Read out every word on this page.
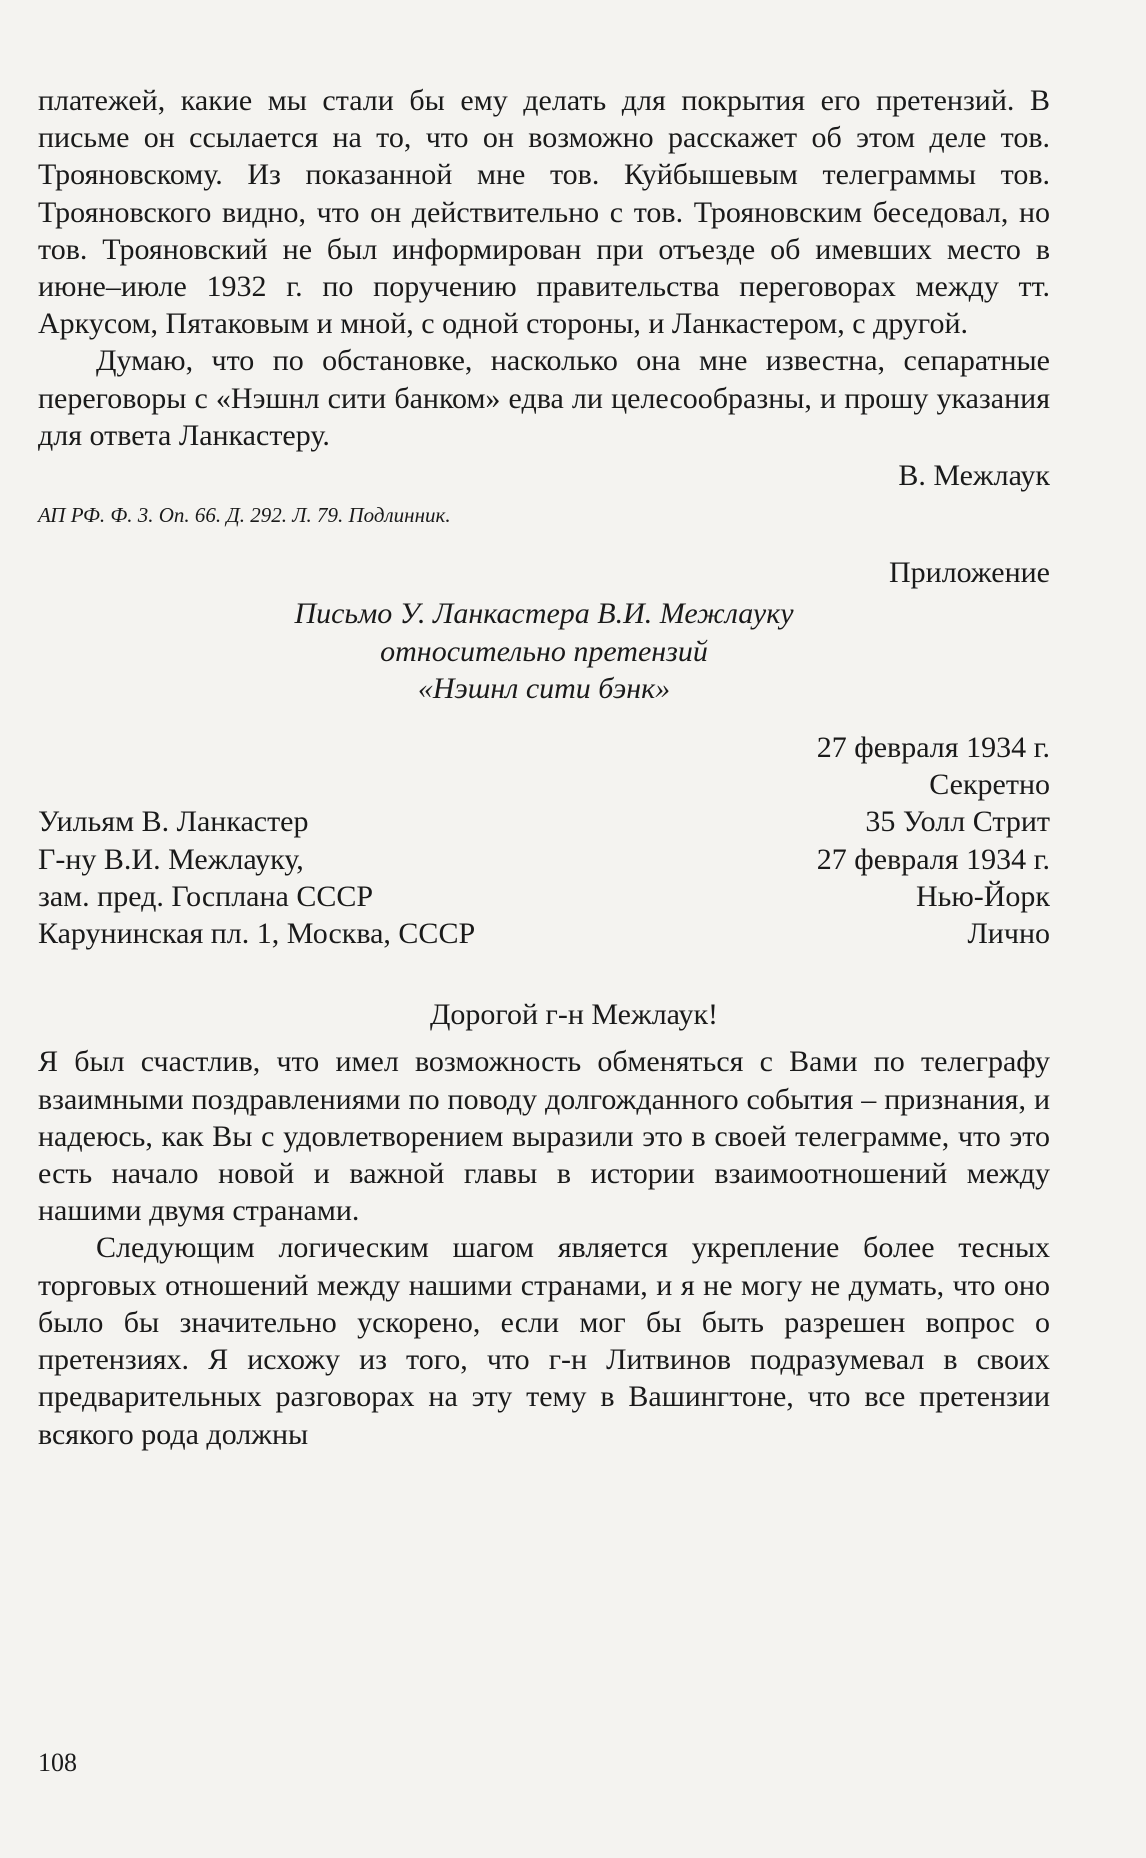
платежей, какие мы стали бы ему делать для покрытия его претензий. В письме он ссылается на то, что он возможно расскажет об этом деле тов. Трояновскому. Из показанной мне тов. Куйбышевым телеграммы тов. Трояновского видно, что он действительно с тов. Трояновским беседовал, но тов. Трояновский не был информирован при отъезде об имевших место в июне–июле 1932 г. по поручению правительства переговорах между тт. Аркусом, Пятаковым и мной, с одной стороны, и Ланкастером, с другой.

Думаю, что по обстановке, насколько она мне известна, сепаратные переговоры с «Нэшнл сити банком» едва ли целесообразны, и прошу указания для ответа Ланкастеру.

В. Межлаук
АП РФ. Ф. 3. Оп. 66. Д. 292. Л. 79. Подлинник.
Приложение
Письмо У. Ланкастера В.И. Межлауку
относительно претензий
«Нэшнл сити бэнк»
27 февраля 1934 г.
Секретно
Уильям В. Ланкастер	35 Уолл Стрит
Г-ну В.И. Межлауку,	27 февраля 1934 г.
зам. пред. Госплана СССР	Нью-Йорк
Карунинская пл. 1, Москва, СССР	Лично
Дорогой г-н Межлаук!

Я был счастлив, что имел возможность обменяться с Вами по телеграфу взаимными поздравлениями по поводу долгожданного события – признания, и надеюсь, как Вы с удовлетворением выразили это в своей телеграмме, что это есть начало новой и важной главы в истории взаимоотношений между нашими двумя странами.

Следующим логическим шагом является укрепление более тесных торговых отношений между нашими странами, и я не могу не думать, что оно было бы значительно ускорено, если мог бы быть разрешен вопрос о претензиях. Я исхожу из того, что г-н Литвинов подразумевал в своих предварительных разговорах на эту тему в Вашингтоне, что все претензии всякого рода должны

108
